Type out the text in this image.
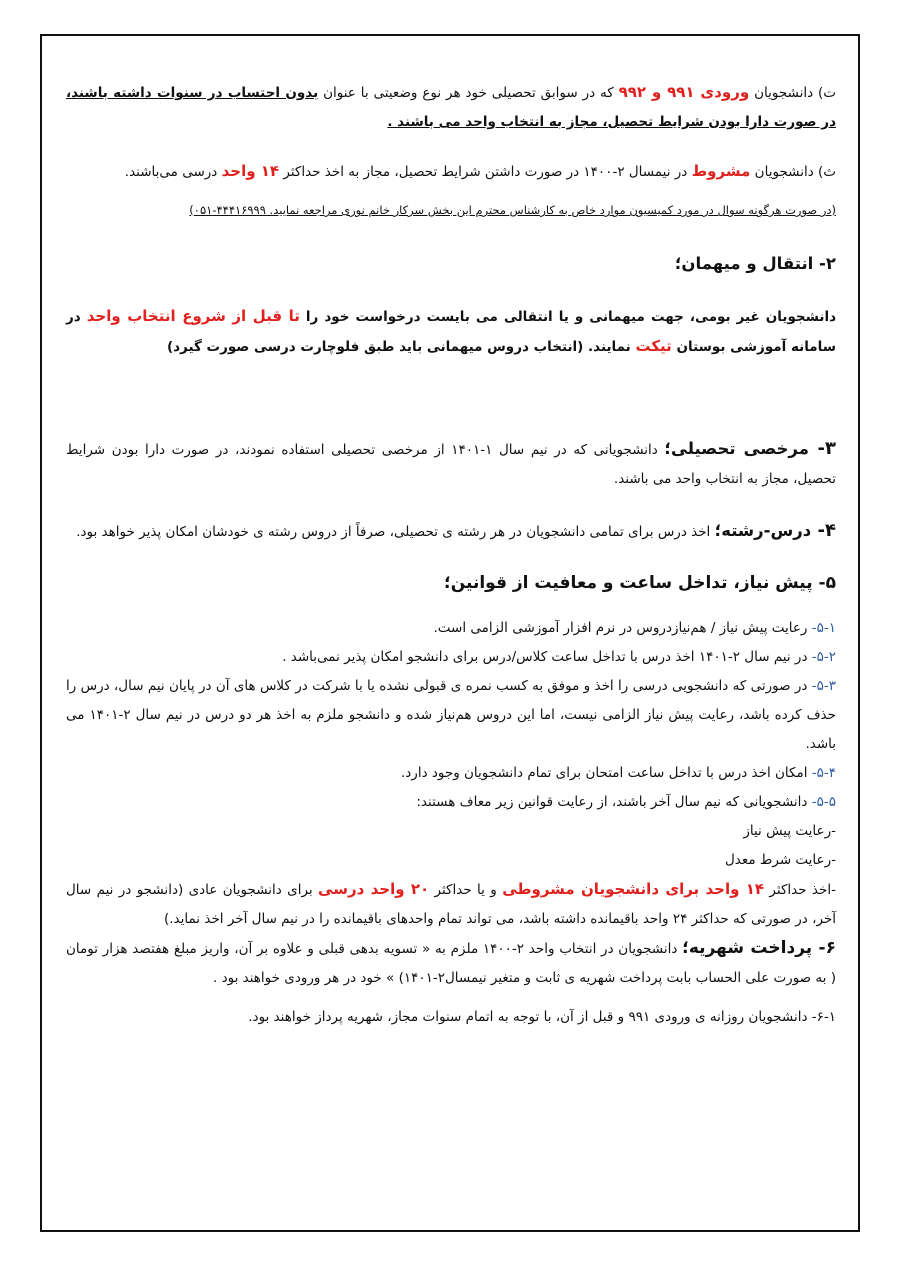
ت) دانشجویان ورودی ۹۹۱ و ۹۹۲ که در سوابق تحصیلی خود هر نوع وضعیتی با عنوان بدون احتساب در سنوات داشته باشند، در صورت دارا بودن شرایط تحصیل، مجاز به انتخاب واحد می باشند .

ث) دانشجویان مشروط در نیمسال ۲-۱۴۰۰ در صورت داشتن شرایط تحصیل، مجاز به اخذ حداکثر ۱۴ واحد درسی می‌باشند.

(در صورت هرگونه سوال در مورد کمیسیون موارد خاص به کارشناس محترم این بخش سرکار خانم نوری مراجعه نمایید. ۴۴۴۱۶۹۹۹-۰۵۱)

۲- انتقال و میهمان؛

دانشجویان غیر بومی، جهت میهمانی و یا انتقالی می بایست درخواست خود را تا قبل از شروع انتخاب واحد در سامانه آموزشی بوستان تیکت نمایند. (انتخاب دروس میهمانی باید طبق فلوچارت درسی صورت گیرد)

۳- مرخصی تحصیلی؛ دانشجویانی که در نیم سال ۱-۱۴۰۱ از مرخصی تحصیلی استفاده نمودند، در صورت دارا بودن شرایط تحصیل، مجاز به انتخاب واحد می باشند.

۴- درس-رشته؛ اخذ درس برای تمامی دانشجویان در هر رشته ی تحصیلی، صرفاً از دروس رشته ی خودشان امکان پذیر خواهد بود.

۵- پیش نیاز، تداخل ساعت و معافیت از قوانین؛

۵-۱- رعایت پیش نیاز / هم‌نیازدروس در نرم افزار آموزشی الزامی است.

۵-۲- در نیم سال ۲-۱۴۰۱ اخذ درس با تداخل ساعت کلاس/درس برای دانشجو امکان پذیر نمی‌باشد .

۵-۳- در صورتی که دانشجویی درسی را اخذ و موفق به کسب نمره ی قبولی نشده یا با شرکت در کلاس های آن در پایان نیم سال، درس را حذف کرده باشد، رعایت پیش نیاز الزامی نیست، اما این دروس هم‌نیاز شده و دانشجو ملزم به اخذ هر دو درس در نیم سال ۲-۱۴۰۱ می باشد.

۵-۴- امکان اخذ درس با تداخل ساعت امتحان برای تمام دانشجویان وجود دارد.

۵-۵- دانشجویانی که نیم سال آخر باشند، از رعایت قوانین زیر معاف هستند:

-رعایت پیش نیاز

-رعایت شرط معدل

-اخذ حداکثر ۱۴ واحد برای دانشجویان مشروطی و یا حداکثر ۲۰ واحد درسی برای دانشجویان عادی (دانشجو در نیم سال آخر، در صورتی که حداکثر ۲۴ واحد باقیمانده داشته باشد، می تواند تمام واحدهای باقیمانده را در نیم سال آخر اخذ نماید.)

۶- پرداخت شهریه؛ دانشجویان در انتخاب واحد ۲-۱۴۰۰ ملزم به « تسویه بدهی قبلی و علاوه بر آن، واریز مبلغ هفتصد هزار تومان ( به صورت علی الحساب بابت پرداخت شهریه ی ثابت و متغیر نیمسال۲-۱۴۰۱) » خود در هر ورودی خواهند بود .

۶-۱- دانشجویان روزانه ی ورودی ۹۹۱ و قبل از آن، با توجه به اتمام سنوات مجاز، شهریه پرداز خواهند بود.
